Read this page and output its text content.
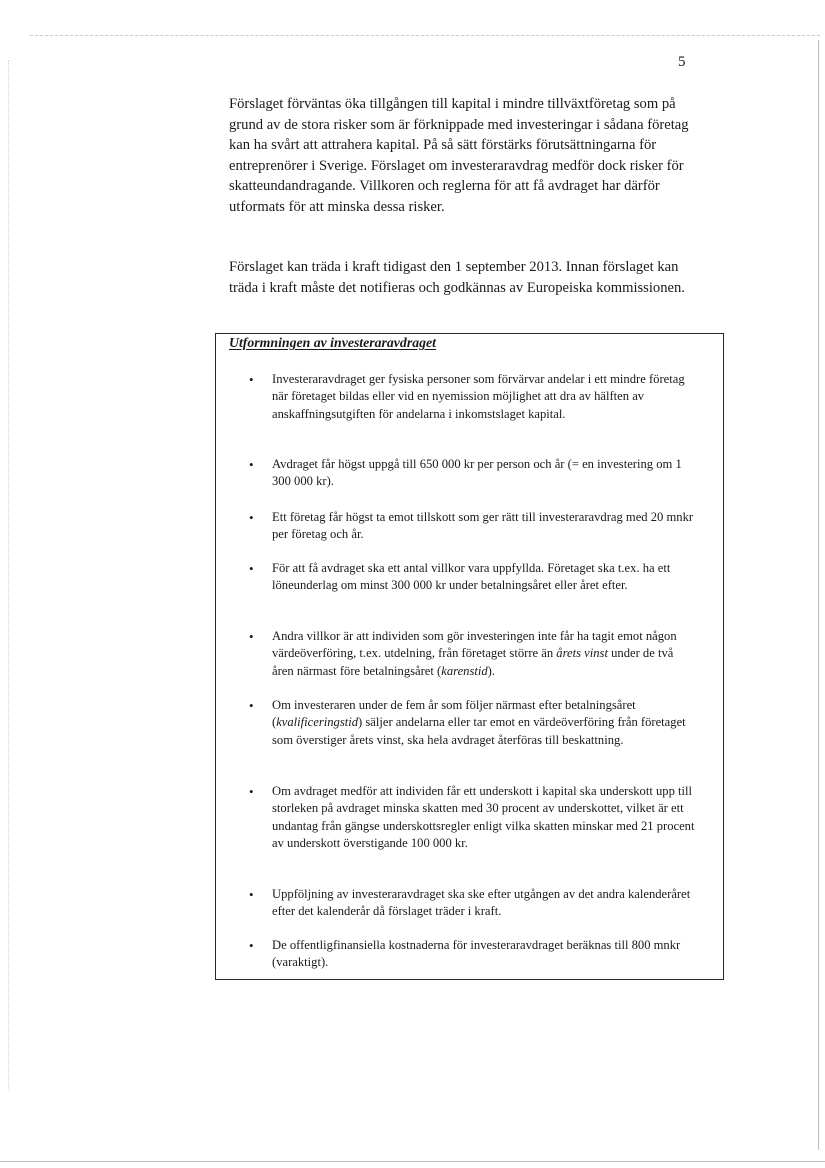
5

Förslaget förväntas öka tillgången till kapital i mindre tillväxtföretag som på grund av de stora risker som är förknippade med investeringar i sådana företag kan ha svårt att attrahera kapital. På så sätt förstärks förutsättningarna för entreprenörer i Sverige. Förslaget om investeraravdrag medför dock risker för skatteundandragande. Villkoren och reglerna för att få avdraget har därför utformats för att minska dessa risker.

Förslaget kan träda i kraft tidigast den 1 september 2013. Innan förslaget kan träda i kraft måste det notifieras och godkännas av Europeiska kommissionen.

Utformningen av investeraravdraget
• Investeraravdraget ger fysiska personer som förvärvar andelar i ett mindre företag när företaget bildas eller vid en nyemission möjlighet att dra av hälften av anskaffningsutgiften för andelarna i inkomstslaget kapital.
• Avdraget får högst uppgå till 650 000 kr per person och år (= en investering om 1 300 000 kr).
• Ett företag får högst ta emot tillskott som ger rätt till investeraravdrag med 20 mnkr per företag och år.
• För att få avdraget ska ett antal villkor vara uppfyllda. Företaget ska t.ex. ha ett löneunderlag om minst 300 000 kr under betalningsåret eller året efter.
• Andra villkor är att individen som gör investeringen inte får ha tagit emot någon värdeöverföring, t.ex. utdelning, från företaget större än årets vinst under de två åren närmast före betalningsåret (karenstid).
• Om investeraren under de fem år som följer närmast efter betalningsåret (kvalificeringstid) säljer andelarna eller tar emot en värdeöverföring från företaget som överstiger årets vinst, ska hela avdraget återföras till beskattning.
• Om avdraget medför att individen får ett underskott i kapital ska underskott upp till storleken på avdraget minska skatten med 30 procent av underskottet, vilket är ett undantag från gängse underskottsregler enligt vilka skatten minskar med 21 procent av underskott överstigande 100 000 kr.
• Uppföljning av investeraravdraget ska ske efter utgången av det andra kalenderåret efter det kalenderår då förslaget träder i kraft.
• De offentligfinansiella kostnaderna för investeraravdraget beräknas till 800 mnkr (varaktigt).
